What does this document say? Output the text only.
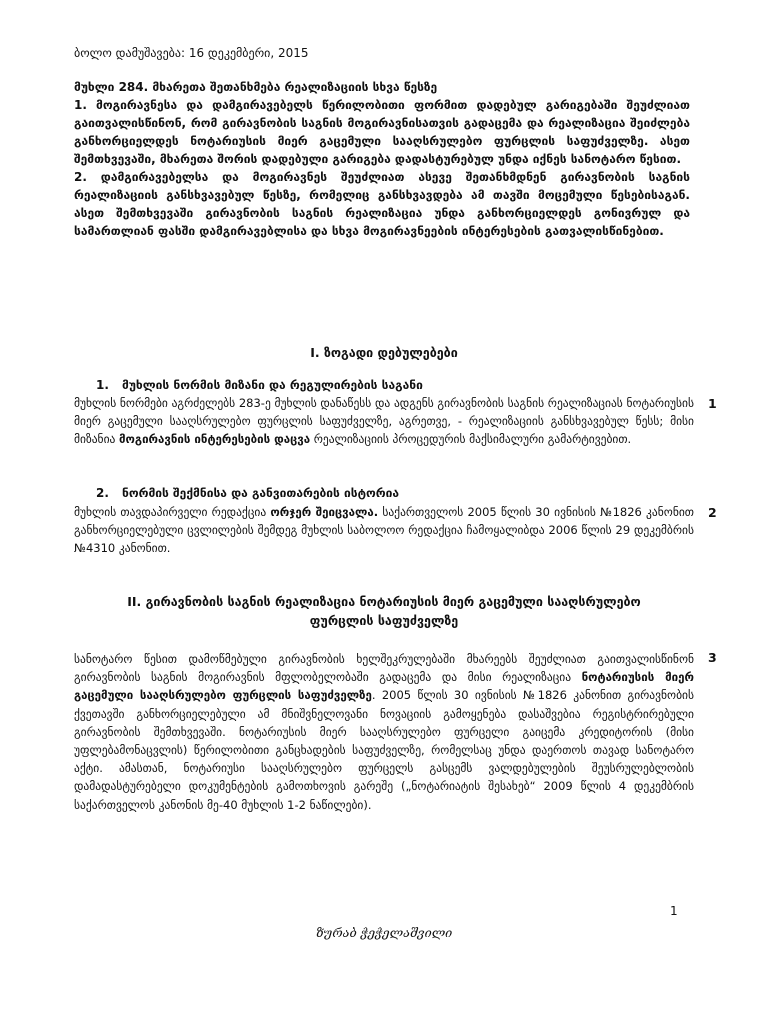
ბოლო დამუშავება: 16 დეკემბერი, 2015

მუხლი 284. მხარეთა შეთანხმება რეალიზაციის სხვა წესზე

1. მოგირავნესა და დამგირავებელს წერილობითი ფორმით დადებულ გარიგებაში შეუძლიათ გაითვალისწინონ, რომ გირავნობის საგნის მოგირავნისათვის გადაცემა და რეალიზაცია შეიძლება განხორციელდეს ნოტარიუსის მიერ გაცემული სააღსრულებო ფურცლის საფუძველზე. ასეთ შემთხვევაში, მხარეთა შორის დადებული გარიგება დადასტურებულ უნდა იქნეს სანოტარო წესით.

2. დამგირავებელსა და მოგირავნეს შეუძლიათ ასევე შეთანხმდნენ გირავნობის საგნის რეალიზაციის განსხვავებულ წესზე, რომელიც განსხვავდება ამ თავში მოცემული წესებისაგან. ასეთ შემთხვევაში გირავნობის საგნის რეალიზაცია უნდა განხორციელდეს გონივრულ და სამართლიან ფასში დამგირავებლისა და სხვა მოგირავნეების ინტერესების გათვალისწინებით.

I. ზოგადი დებულებები
1. მუხლის ნორმის მიზანი და რეგულირების საგანი
მუხლის ნორმები აგრძელებს 283-ე მუხლის დანაწესს და ადგენს გირავნობის საგნის რეალიზაციას ნოტარიუსის მიერ გაცემული სააღსრულებო ფურცლის საფუძველზე, აგრეთვე, - რეალიზაციის განსხვავებულ წესს; მისი მიზანია მოგირავნის ინტერესების დაცვა რეალიზაციის პროცედურის მაქსიმალური გამარტივებით.
1
2. ნორმის შექმნისა და განვითარების ისტორია
მუხლის თავდაპირველი რედაქცია ორჯერ შეიცვალა. საქართველოს 2005 წლის 30 ივნისის №1826 კანონით განხორციელებული ცვლილების შემდეგ მუხლის საბოლოო რედაქცია ჩამოყალიბდა 2006 წლის 29 დეკემბრის №4310 კანონით.
2
II. გირავნობის საგნის რეალიზაცია ნოტარიუსის მიერ გაცემული სააღსრულებო
ფურცლის საფუძველზე
სანოტარო წესით დამოწმებული გირავნობის ხელშეკრულებაში მხარეებს შეუძლიათ გაითვალისწინონ გირავნობის საგნის მოგირავნის მფლობელობაში გადაცემა და მისი რეალიზაცია ნოტარიუსის მიერ გაცემული სააღსრულებო ფურცლის საფუძველზე. 2005 წლის 30 ივნისის №1826 კანონით გირავნობის ქვეთავში განხორციელებული ამ მნიშვნელოვანი ნოვაციის გამოყენება დასაშვებია რეგისტრირებული გირავნობის შემთხვევაში. ნოტარიუსის მიერ სააღსრულებო ფურცელი გაიცემა კრედიტორის (მისი უფლებამონაცვლის) წერილობითი განცხადების საფუძველზე, რომელსაც უნდა დაერთოს თავად სანოტარო აქტი. ამასთან, ნოტარიუსი სააღსრულებო ფურცელს გასცემს ვალდებულების შეუსრულებლობის დამადასტურებელი დოკუმენტების გამოთხოვის გარეშე („ნოტარიატის შესახებ“ 2009 წლის 4 დეკემბრის საქართველოს კანონის მე-40 მუხლის 1-2 ნაწილები).
3
1
ზურაბ ჭეჭელაშვილი
